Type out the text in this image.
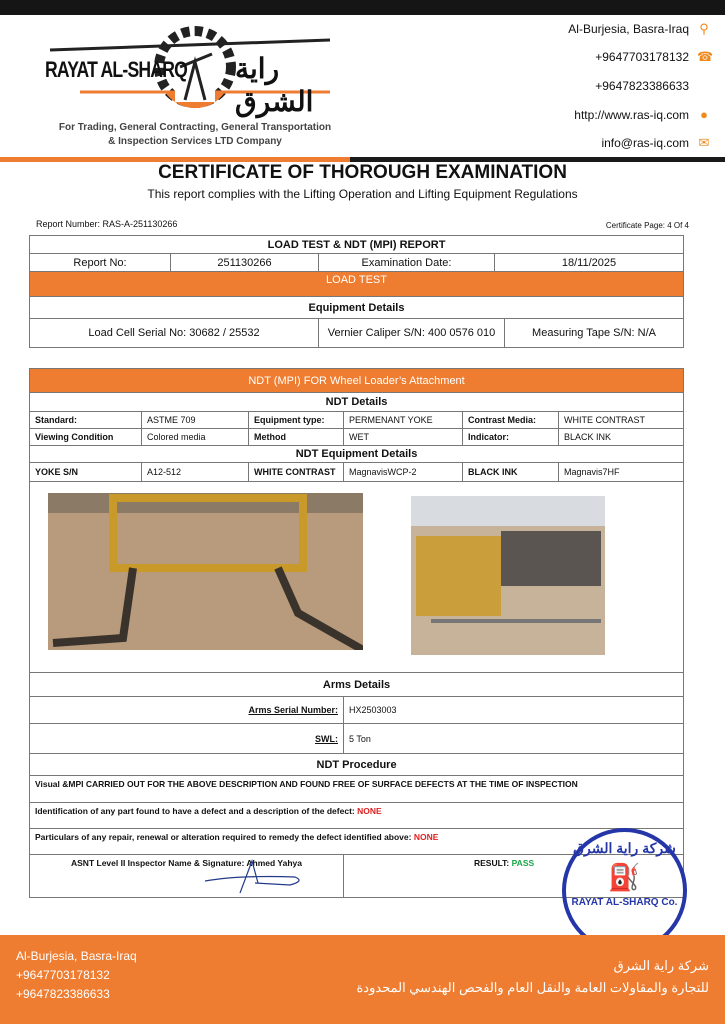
RAYAT AL-SHARQ راية الشرق
For Trading, General Contracting, General Transportation
& Inspection Services LTD Company
Al-Burjesia, Basra-Iraq ⚲
+9647703178132 ☎
+9647823386633
http://www.ras-iq.com ●
info@ras-iq.com ✉
CERTIFICATE OF THOROUGH EXAMINATION
This report complies with the Lifting Operation and Lifting Equipment Regulations
Report Number: RAS-A-251130266	Certificate Page: 4 Of 4
LOAD TEST & NDT (MPI) REPORT				
Report No:	251130266	Examination Date:	18/11/2025	
LOAD TEST				
Equipment Details				
Load Cell Serial No: 30682 / 25532		Vernier Caliper S/N: 400 0576 010		Measuring Tape S/N: N/A
NDT (MPI) FOR Wheel Loader’s Attachment					
NDT Details					
Standard:	ASTME 709	Equipment type:	PERMENANT YOKE	Contrast Media:	WHITE CONTRAST
Viewing Condition	Colored media	Method	WET	Indicator:	BLACK INK
NDT Equipment Details					
YOKE S/N	A12-512	WHITE CONTRAST	MagnavisWCP-2	BLACK INK	Magnavis7HF

Arms Details					
Arms Serial Number:			HX2503003		
SWL:			5 Ton		
NDT Procedure					
Visual &MPI CARRIED OUT FOR THE ABOVE DESCRIPTION AND FOUND FREE OF SURFACE DEFECTS AT THE TIME OF INSPECTION					
Identification of any part found to have a defect and a description of the defect: NONE					
Particulars of any repair, renewal or alteration required to remedy the defect identified above: NONE					
ASNT Level II Inspector Name & Signature: Ahmed Yahya			RESULT: PASS		
شركة راية الشرق
⛽
RAYAT AL-SHARQ Co.
Al-Burjesia, Basra-Iraq
+9647703178132
+9647823386633
شركة راية الشرق
للتجارة والمقاولات العامة والنقل العام والفحص الهندسي المحدودة
